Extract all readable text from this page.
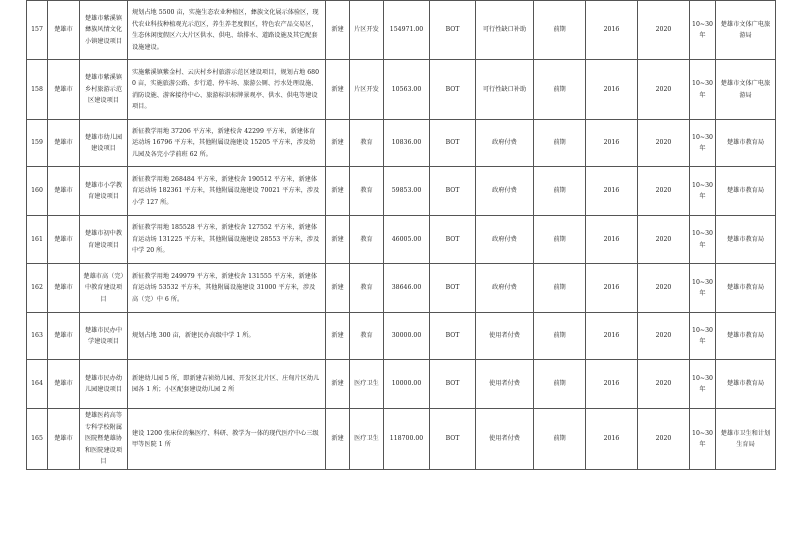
157	楚雄市	楚雄市紫溪镇彝族风情文化小镇建设项目	规划占地 5500 亩，实施生态农业种植区，彝族文化展示体验区，现代农业科技种植观光示范区，养生养老度假区，特色农产品交易区，生态休闲度假区六大片区供水、供电、给排水、道路设施及其它配套设施建设。	新建	片区开发	154971.00	BOT	可行性缺口补助	前期	2016	2020	10~30年	楚雄市文体广电旅游局
158	楚雄市	楚雄市紫溪镇乡村旅游示范区建设项目	实施紫溪镇紫金村、云庆村乡村旅游示范区建设项目，规划占地 6800 亩，实施旅游公路、步行道、停车场、旅游公厕、污水处理设施、消防设施、游客接待中心、旅游标识标牌景观亭、供水、供电等建设项目。	新建	片区开发	10563.00	BOT	可行性缺口补助	前期	2016	2020	10~30年	楚雄市文体广电旅游局
159	楚雄市	楚雄市幼儿园建设项目	新征教学用地 37206 平方米，新建校舍 42299 平方米，新建体育运动场 16796 平方米，其他附属设施建设 15205 平方米，涉及幼儿园及各完小学前班 62 所。	新建	教育	10836.00	BOT	政府付费	前期	2016	2020	10~30年	楚雄市教育局
160	楚雄市	楚雄市小学教育建设项目	新征教学用地 268484 平方米，新建校舍 190512 平方米，新建体育运动场 182361 平方米，其他附属设施建设 70021 平方米，涉及小学 127 所。	新建	教育	59853.00	BOT	政府付费	前期	2016	2020	10~30年	楚雄市教育局
161	楚雄市	楚雄市初中教育建设项目	新征教学用地 185528 平方米，新建校舍 127552 平方米，新建体育运动场 131225 平方米，其他附属设施建设 28553 平方米，涉及中学 20 所。	新建	教育	46005.00	BOT	政府付费	前期	2016	2020	10~30年	楚雄市教育局
162	楚雄市	楚雄市高（完）中教育建设项目	新征教学用地 249979 平方米，新建校舍 131555 平方米，新建体育运动场 53532 平方米，其他附属设施建设 31000 平方米，涉及高（完）中 6 所。	新建	教育	38646.00	BOT	政府付费	前期	2016	2020	10~30年	楚雄市教育局
163	楚雄市	楚雄市民办中学建设项目	规划占地 300 亩，新建民办高级中学 1 所。	新建	教育	30000.00	BOT	使用者付费	前期	2016	2020	10~30年	楚雄市教育局
164	楚雄市	楚雄市民办幼儿园建设项目	新建幼儿园 5 所，即新建吉祯幼儿园、开发区北片区、庄甸片区幼儿园各 1 所；小区配套建设幼儿园 2 所	新建	医疗卫生	10000.00	BOT	使用者付费	前期	2016	2020	10~30年	楚雄市教育局
165	楚雄市	楚雄医药高等专科学校附属医院暨楚雄协和医院建设项目	建设 1200 张床位的集医疗、科研、教学为一体的现代医疗中心三级甲等医院 1 所	新建	医疗卫生	118700.00	BOT	使用者付费	前期	2016	2020	10~30年	楚雄市卫生和计划生育局
